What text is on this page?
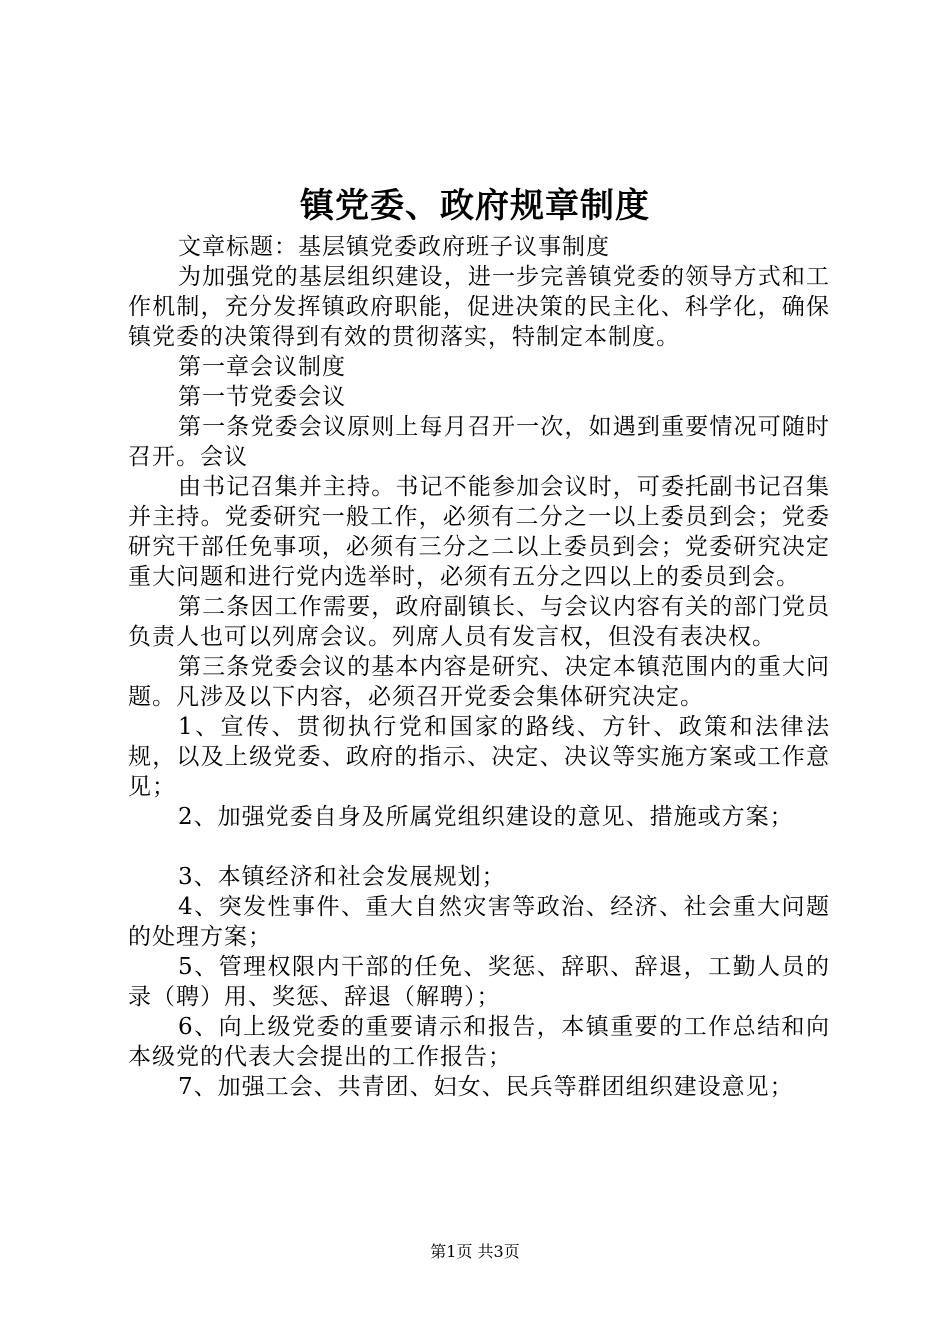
镇党委、政府规章制度

文章标题：基层镇党委政府班子议事制度

为加强党的基层组织建设，进一步完善镇党委的领导方式和工作机制，充分发挥镇政府职能，促进决策的民主化、科学化，确保镇党委的决策得到有效的贯彻落实，特制定本制度。

第一章会议制度

第一节党委会议

第一条党委会议原则上每月召开一次，如遇到重要情况可随时召开。会议

由书记召集并主持。书记不能参加会议时，可委托副书记召集并主持。党委研究一般工作，必须有二分之一以上委员到会；党委研究干部任免事项，必须有三分之二以上委员到会；党委研究决定重大问题和进行党内选举时，必须有五分之四以上的委员到会。

第二条因工作需要，政府副镇长、与会议内容有关的部门党员负责人也可以列席会议。列席人员有发言权，但没有表决权。

第三条党委会议的基本内容是研究、决定本镇范围内的重大问题。凡涉及以下内容，必须召开党委会集体研究决定。

1、宣传、贯彻执行党和国家的路线、方针、政策和法律法规，以及上级党委、政府的指示、决定、决议等实施方案或工作意见；

2、加强党委自身及所属党组织建设的意见、措施或方案；

3、本镇经济和社会发展规划；

4、突发性事件、重大自然灾害等政治、经济、社会重大问题的处理方案；

5、管理权限内干部的任免、奖惩、辞职、辞退，工勤人员的录（聘）用、奖惩、辞退（解聘）；

6、向上级党委的重要请示和报告，本镇重要的工作总结和向本级党的代表大会提出的工作报告；

7、加强工会、共青团、妇女、民兵等群团组织建设意见；

第1页 共3页
